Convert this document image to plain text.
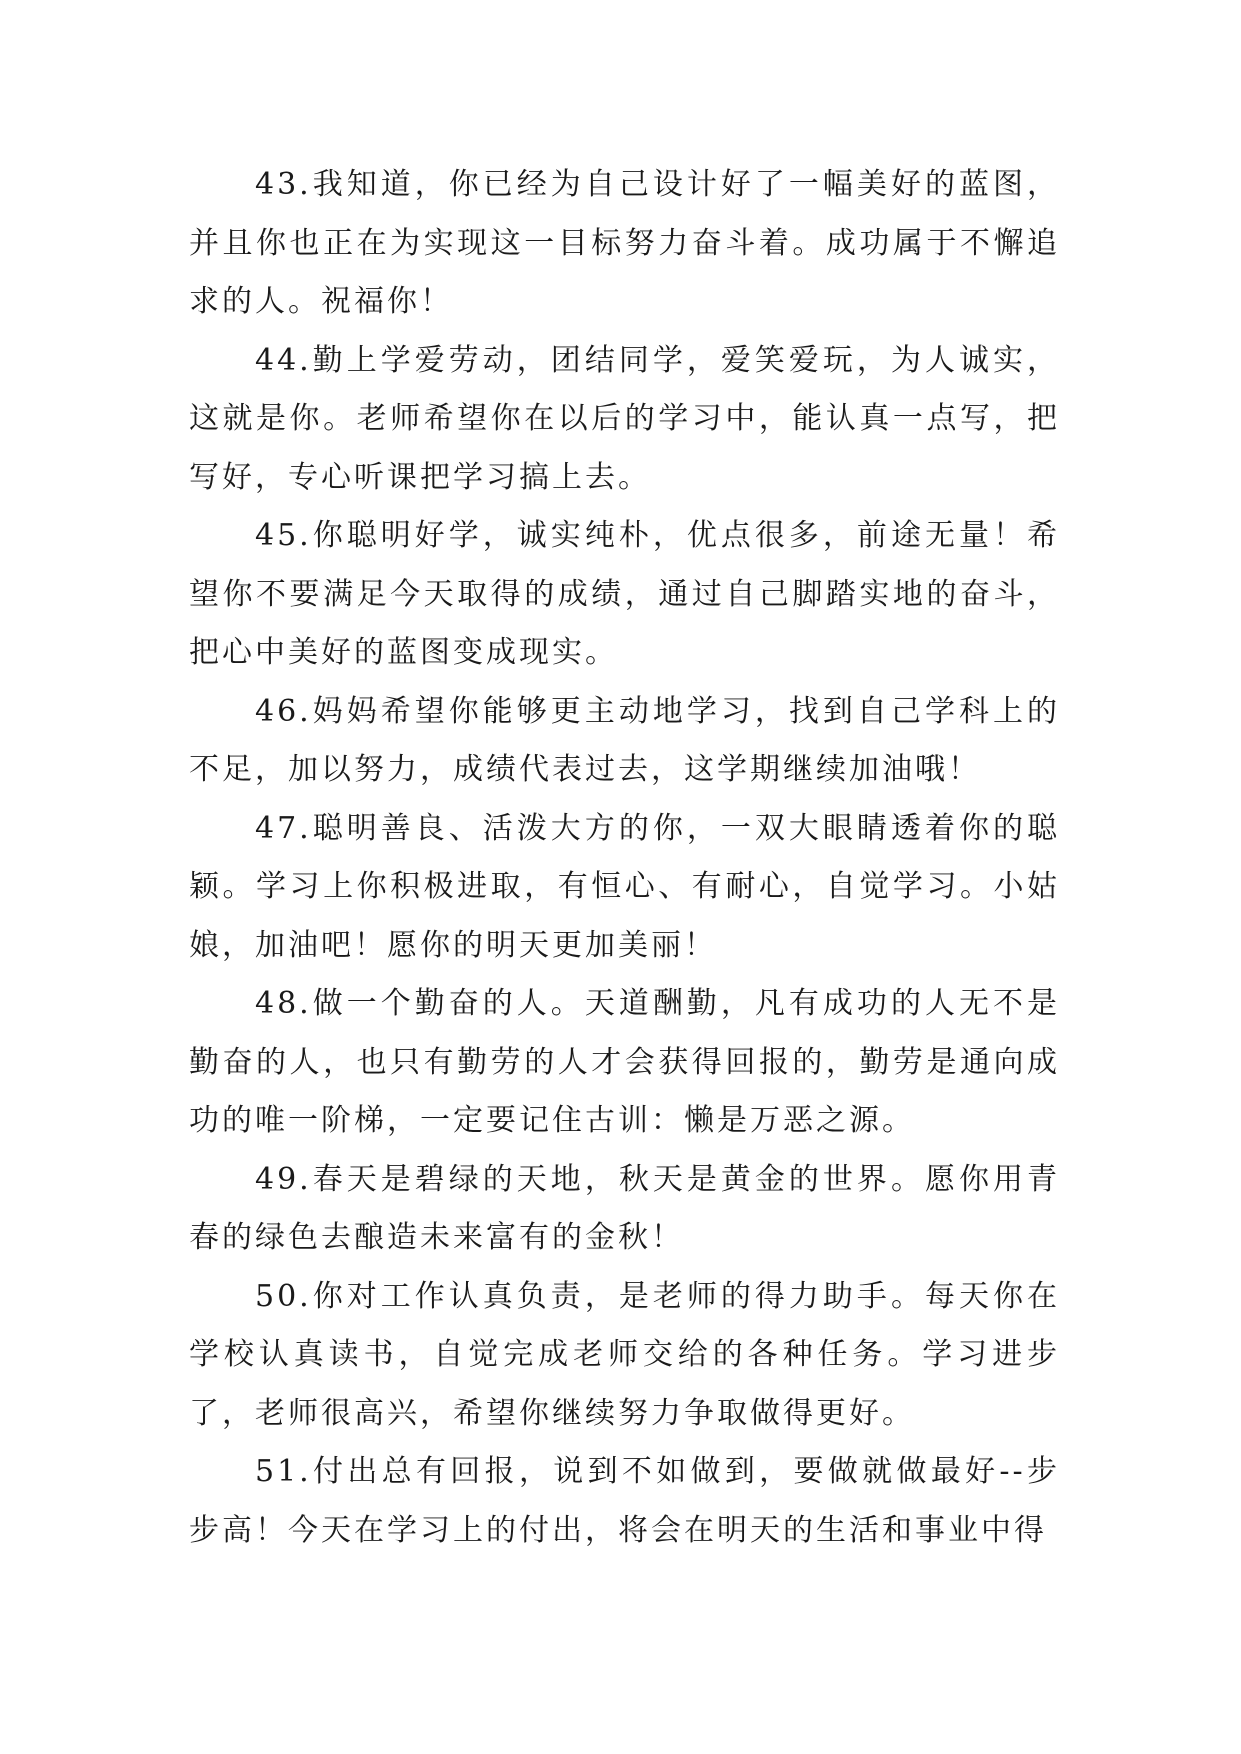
43.我知道，你已经为自己设计好了一幅美好的蓝图，并且你也正在为实现这一目标努力奋斗着。成功属于不懈追求的人。祝福你！

44.勤上学爱劳动，团结同学，爱笑爱玩，为人诚实，这就是你。老师希望你在以后的学习中，能认真一点写，把写好，专心听课把学习搞上去。

45.你聪明好学，诚实纯朴，优点很多，前途无量！希望你不要满足今天取得的成绩，通过自己脚踏实地的奋斗，把心中美好的蓝图变成现实。

46.妈妈希望你能够更主动地学习，找到自己学科上的不足，加以努力，成绩代表过去，这学期继续加油哦！

47.聪明善良、活泼大方的你，一双大眼睛透着你的聪颖。学习上你积极进取，有恒心、有耐心，自觉学习。小姑娘，加油吧！愿你的明天更加美丽！

48.做一个勤奋的人。天道酬勤，凡有成功的人无不是勤奋的人，也只有勤劳的人才会获得回报的，勤劳是通向成功的唯一阶梯，一定要记住古训：懒是万恶之源。

49.春天是碧绿的天地，秋天是黄金的世界。愿你用青春的绿色去酿造未来富有的金秋！

50.你对工作认真负责，是老师的得力助手。每天你在学校认真读书，自觉完成老师交给的各种任务。学习进步了，老师很高兴，希望你继续努力争取做得更好。

51.付出总有回报，说到不如做到，要做就做最好--步步高！今天在学习上的付出，将会在明天的生活和事业中得
